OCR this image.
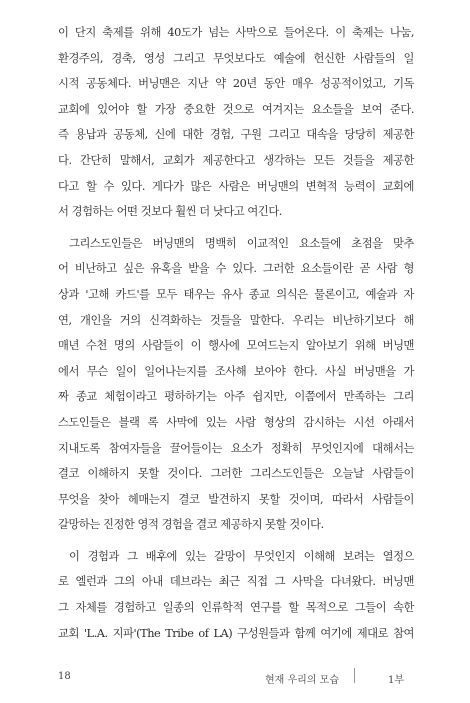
이 단지 축제를 위해 40도가 넘는 사막으로 들어온다. 이 축제는 나눔,
환경주의, 경축, 영성 그리고 무엇보다도 예술에 헌신한 사람들의 일
시적 공동체다. 버닝맨은 지난 약 20년 동안 매우 성공적이었고, 기독
교회에 있어야 할 가장 중요한 것으로 여겨지는 요소들을 보여 준다.
즉 용납과 공동체, 신에 대한 경험, 구원 그리고 대속을 당당히 제공한
다. 간단히 말해서, 교회가 제공한다고 생각하는 모든 것들을 제공한
다고 할 수 있다. 게다가 많은 사람은 버닝맨의 변혁적 능력이 교회에
서 경험하는 어떤 것보다 훨씬 더 낫다고 여긴다.
그리스도인들은 버닝맨의 명백히 이교적인 요소들에 초점을 맞추
어 비난하고 싶은 유혹을 받을 수 있다. 그러한 요소들이란 곧 사람 형
상과 '고해 카드'를 모두 태우는 유사 종교 의식은 물론이고, 예술과 자
연, 개인을 거의 신격화하는 것들을 말한다. 우리는 비난하기보다 해
매년 수천 명의 사람들이 이 행사에 모여드는지 알아보기 위해 버닝맨
에서 무슨 일이 일어나는지를 조사해 보아야 한다. 사실 버닝맨을 가
짜 종교 체험이라고 평하하기는 아주 쉽지만, 이쯤에서 만족하는 그리
스도인들은 블랙 록 사막에 있는 사람 형상의 감시하는 시선 아래서
지내도록 참여자들을 끌어들이는 요소가 정확히 무엇인지에 대해서는
결코 이해하지 못할 것이다. 그러한 그리스도인들은 오늘날 사람들이
무엇을 찾아 헤매는지 결코 발견하지 못할 것이며, 따라서 사람들이
갈망하는 진정한 영적 경험을 결코 제공하지 못할 것이다.
이 경험과 그 배후에 있는 갈망이 무엇인지 이해해 보려는 열정으
로 엘런과 그의 아내 데브라는 최근 직접 그 사막을 다녀왔다. 버닝맨
그 자체를 경험하고 일종의 인류학적 연구를 할 목적으로 그들이 속한
교회 'L.A. 지파'(The Tribe of LA) 구성원들과 함께 여기에 제대로 참여
18	현재 우리의 모습	1부
